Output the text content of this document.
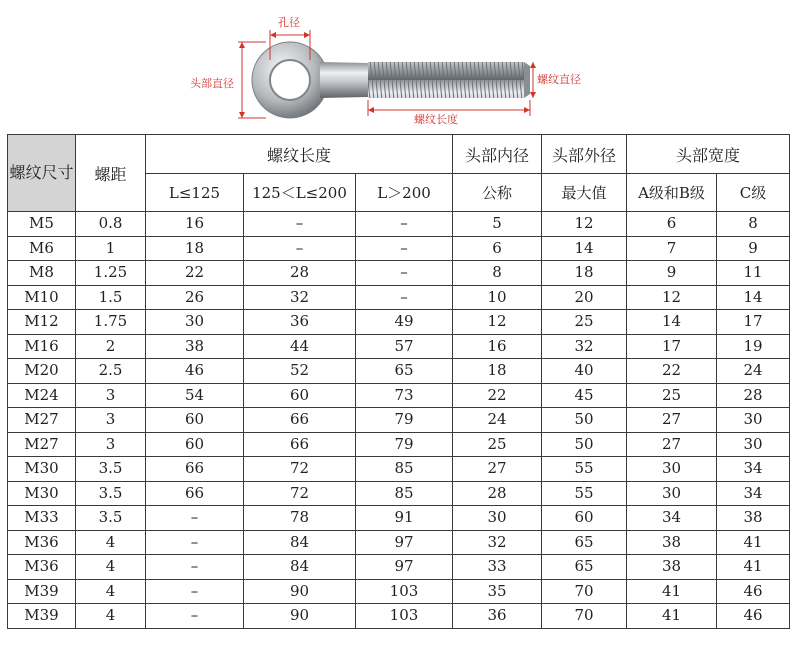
孔径
头部直径	螺纹直径
螺纹长度
螺纹尺寸	螺距	螺纹长度			头部内径	头部外径	头部宽度	
		L≤125	125＜L≤200	L＞200	公称	最大值	A级和B级	C级
M5	0.8	16	–	–	5	12	6	8
M6	1	18	–	–	6	14	7	9
M8	1.25	22	28	–	8	18	9	11
M10	1.5	26	32	–	10	20	12	14
M12	1.75	30	36	49	12	25	14	17
M16	2	38	44	57	16	32	17	19
M20	2.5	46	52	65	18	40	22	24
M24	3	54	60	73	22	45	25	28
M27	3	60	66	79	24	50	27	30
M27	3	60	66	79	25	50	27	30
M30	3.5	66	72	85	27	55	30	34
M30	3.5	66	72	85	28	55	30	34
M33	3.5	–	78	91	30	60	34	38
M36	4	–	84	97	32	65	38	41
M36	4	–	84	97	33	65	38	41
M39	4	–	90	103	35	70	41	46
M39	4	–	90	103	36	70	41	46
